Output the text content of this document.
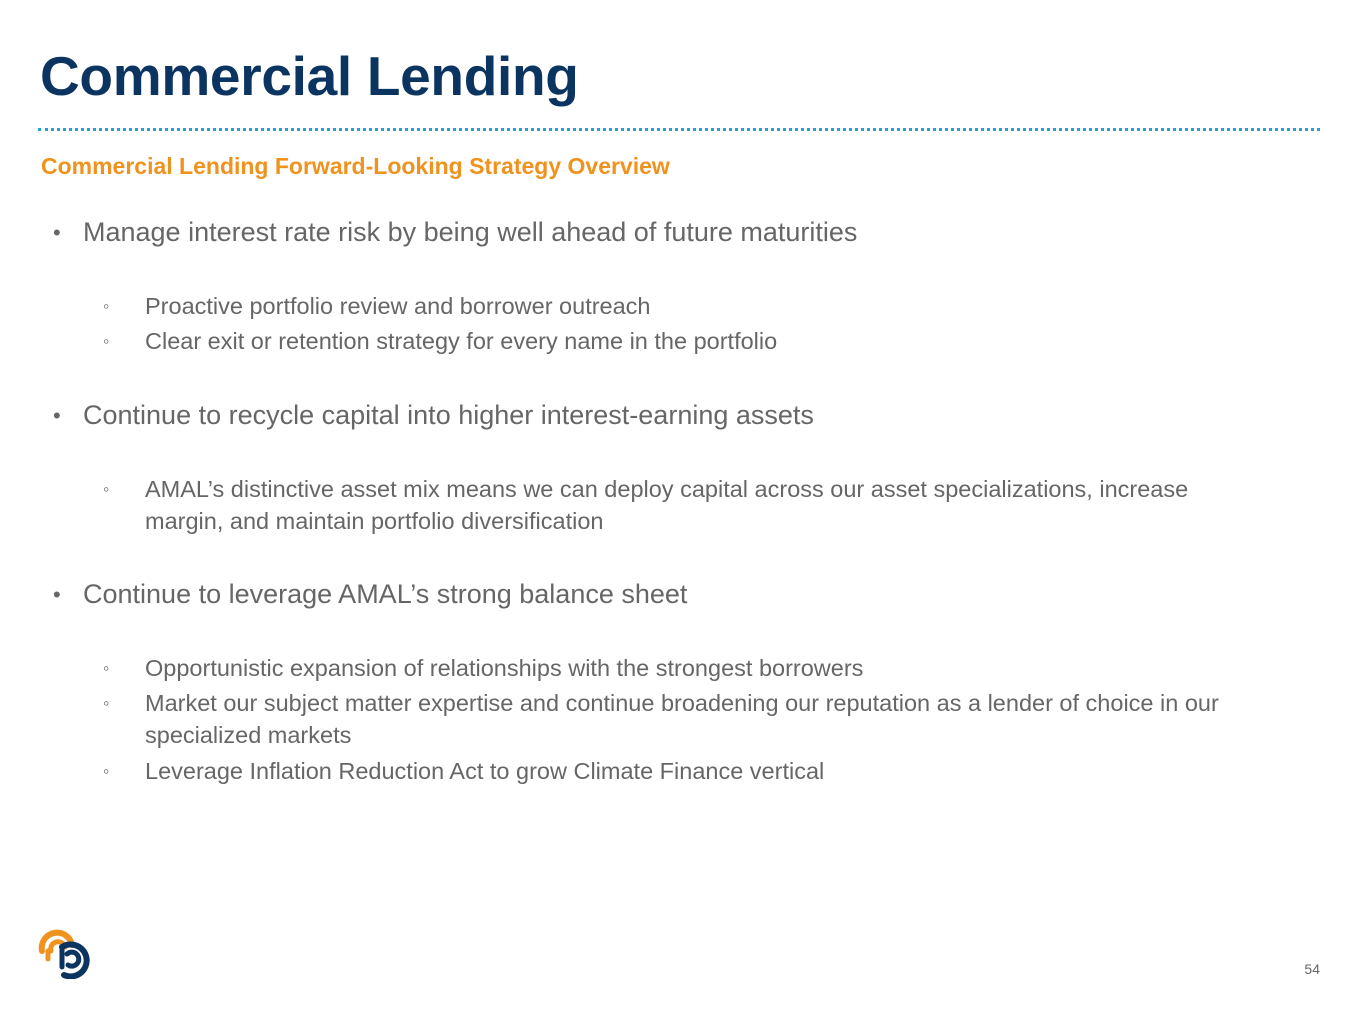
Commercial Lending
Commercial Lending Forward-Looking Strategy Overview
• Manage interest rate risk by being well ahead of future maturities
◦ Proactive portfolio review and borrower outreach
◦ Clear exit or retention strategy for every name in the portfolio
• Continue to recycle capital into higher interest-earning assets
◦ AMAL’s distinctive asset mix means we can deploy capital across our asset specializations, increase margin, and maintain portfolio diversification
• Continue to leverage AMAL’s strong balance sheet
◦ Opportunistic expansion of relationships with the strongest borrowers
◦ Market our subject matter expertise and continue broadening our reputation as a lender of choice in our specialized markets
◦ Leverage Inflation Reduction Act to grow Climate Finance vertical
54
